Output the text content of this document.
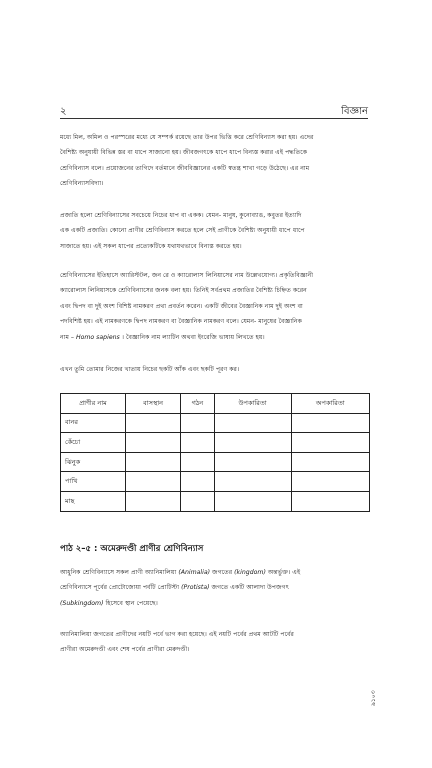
২	বিজ্ঞান
মধ্যে মিল, অমিল ও পরস্পরের মধ্যে যে সম্পর্ক রয়েছে তার উপর ভিত্তি করে শ্রেণিবিন্যাস করা হয়। এদের
বৈশিষ্ট্য অনুযায়ী বিভিন্ন স্তর বা ধাপে সাজানো হয়। জীবজগৎকে ধাপে ধাপে বিন্যস্ত করার এই পদ্ধতিকে
শ্রেণিবিন্যাস বলে। প্রয়োজনের তাগিদে বর্তমানে জীববিজ্ঞানের একটি স্বতন্ত্র শাখা গড়ে উঠেছে। এর নাম
শ্রেণিবিন্যাসবিদ্যা।
প্রজাতি হলো শ্রেণিবিন্যাসের সবচেয়ে নিচের ধাপ বা একক। যেমন- মানুষ, কুনোব্যাঙ, কবুতর ইত্যাদি
এক একটি প্রজাতি। কোনো প্রাণীর শ্রেণিবিন্যাস করতে হলে সেই প্রাণীকে বৈশিষ্ট্য অনুযায়ী ধাপে ধাপে
সাজাতে হয়। এই সকল ধাপের প্রত্যেকটিকে যথাযথভাবে বিন্যস্ত করতে হয়।
শ্রেণিবিন্যাসের ইতিহাসে অ্যারিস্টটল, জন রে ও ক্যারোলাস লিনিয়াসের নাম উল্লেখযোগ্য। প্রকৃতিবিজ্ঞানী
ক্যারোলাস লিনিয়াসকে শ্রেণিবিন্যাসের জনক বলা হয়। তিনিই সর্বপ্রথম প্রজাতির বৈশিষ্ট্য চিহ্নিত করেন
এবং দ্বিপদ বা দুই অংশ বিশিষ্ট নামকরণ প্রথা প্রবর্তন করেন। একটি জীবের বৈজ্ঞানিক নাম দুই অংশ বা
পদবিশিষ্ট হয়। এই নামকরণকে দ্বিপদ নামকরণ বা বৈজ্ঞানিক নামকরণ বলে। যেমন- মানুষের বৈজ্ঞানিক
নাম – Homo sapiens । বৈজ্ঞানিক নাম ল্যাটিন অথবা ইংরেজি ভাষায় লিখতে হয়।
এখন তুমি তোমার নিজের খাতায় নিচের ছকটি আঁক এবং ছকটি পূরণ কর।
প্রাণীর নাম	বাসস্থান	গঠন	উপকারিতা	অপকারিতা
বানর				
কেঁচো				
ঝিনুক				
পাখি				
মাছ				
পাঠ ২–৫ : অমেরুদণ্ডী প্রাণীর শ্রেণিবিন্যাস
আধুনিক শ্রেণিবিন্যাসে সকল প্রাণী অ্যানিমালিয়া (Animalia) জগতের (kingdom) অন্তর্ভুক্ত। এই
শ্রেণিবিন্যাসে পূর্বের প্রোটোজোয়া পর্বটি প্রোটিস্টা (Protista) জগতে একটি আলাদা উপজগৎ
(Subkingdom) হিসেবে স্থান পেয়েছে।
অ্যানিমালিয়া জগতের প্রাণীদের নয়টি পর্বে ভাগ করা হয়েছে। এই নয়টি পর্বের প্রথম আটটি পর্বের
প্রাণীরা অমেরুদণ্ডী এবং শেষ পর্বের প্রাণীরা মেরুদণ্ডী।
৯১০৩
